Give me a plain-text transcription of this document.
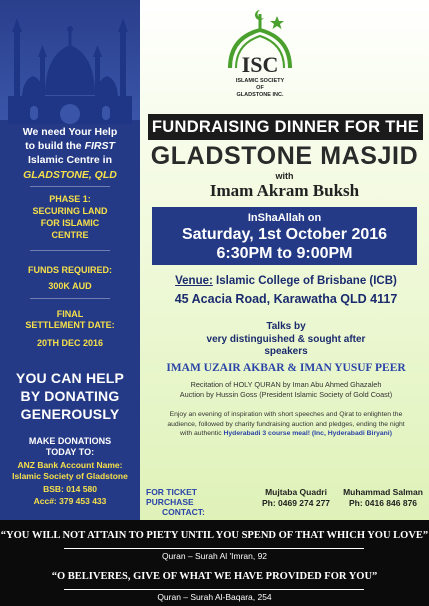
We need Your Help
to build the FIRST
Islamic Centre in
GLADSTONE, QLD
PHASE 1:
SECURING LAND
FOR ISLAMIC
CENTRE
FUNDS REQUIRED:
300K AUD
FINAL
SETTLEMENT DATE:
20TH DEC 2016
YOU CAN HELP
BY DONATING
GENEROUSLY
MAKE DONATIONS
TODAY TO:
ANZ Bank Account Name:
Islamic Society of Gladstone
BSB: 014 580
Acc#: 379 453 433
ISC
ISLAMIC SOCIETY
OF
GLADSTONE INC.
FUNDRAISING DINNER FOR THE
GLADSTONE MASJID
with
Imam Akram Buksh
InShaAllah on
Saturday, 1st October 2016
6:30PM to 9:00PM
Venue: Islamic College of Brisbane (ICB)
45 Acacia Road, Karawatha QLD 4117
Talks by
very distinguished & sought after
speakers
IMAM UZAIR AKBAR & IMAN YUSUF PEER
Recitation of HOLY QURAN by Iman Abu Ahmed Ghazaleh
Auction by Hussin Goss (President Islamic Society of Gold Coast)
Enjoy an evening of inspiration with short speeches and Qirat to enlighten the
audience, followed by charity fundraising auction and pledges, ending the night
with authentic Hyderabadi 3 course meal! (Inc, Hyderabadi Biryani)
FOR TICKET PURCHASE
CONTACT:
Mujtaba Quadri
Ph: 0469 274 277
Muhammad Salman
Ph: 0416 846 876
“YOU WILL NOT ATTAIN TO PIETY UNTIL YOU SPEND OF THAT WHICH YOU LOVE”
Quran – Surah Al 'Imran, 92
“O BELIVERES, GIVE OF WHAT WE HAVE PROVIDED FOR YOU”
Quran – Surah Al-Baqara, 254
